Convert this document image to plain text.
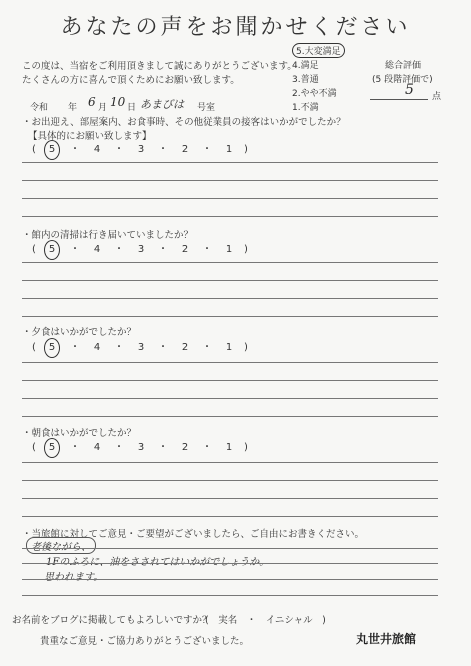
あなたの声をお聞かせください
この度は、当宿をご利用頂きまして誠にありがとうございます。
たくさんの方に喜んで頂くためにお願い致します。
5.大変満足
4.満足
3.普通
2.やや不満
1.不満
総合評価
(5 段階評価で)
5 点
令和 年 6 月 10 日 あまびは 号室
・お出迎え、部屋案内、お食事時、その他従業員の接客はいかがでしたか？
【具体的にお願い致します】
( 5 ･ 4 ･ 3 ･ 2 ･ 1 )
・館内の清掃は行き届いていましたか？
( 5 ･ 4 ･ 3 ･ 2 ･ 1 )
・夕食はいかがでしたか？
( 5 ･ 4 ･ 3 ･ 2 ･ 1 )
・朝食はいかがでしたか？
( 5 ･ 4 ･ 3 ･ 2 ･ 1 )
・当旅館に対してご意見・ご要望がございましたら、ご自由にお書きください。
老後ながら、
1Fのふろに、油をさされてはいかがでしょうか。
思われます。
お名前をブログに掲載してもよろしいですか？
(　実名　・　イニシャル　)
貴重なご意見・ご協力ありがとうございました。	丸世井旅館
